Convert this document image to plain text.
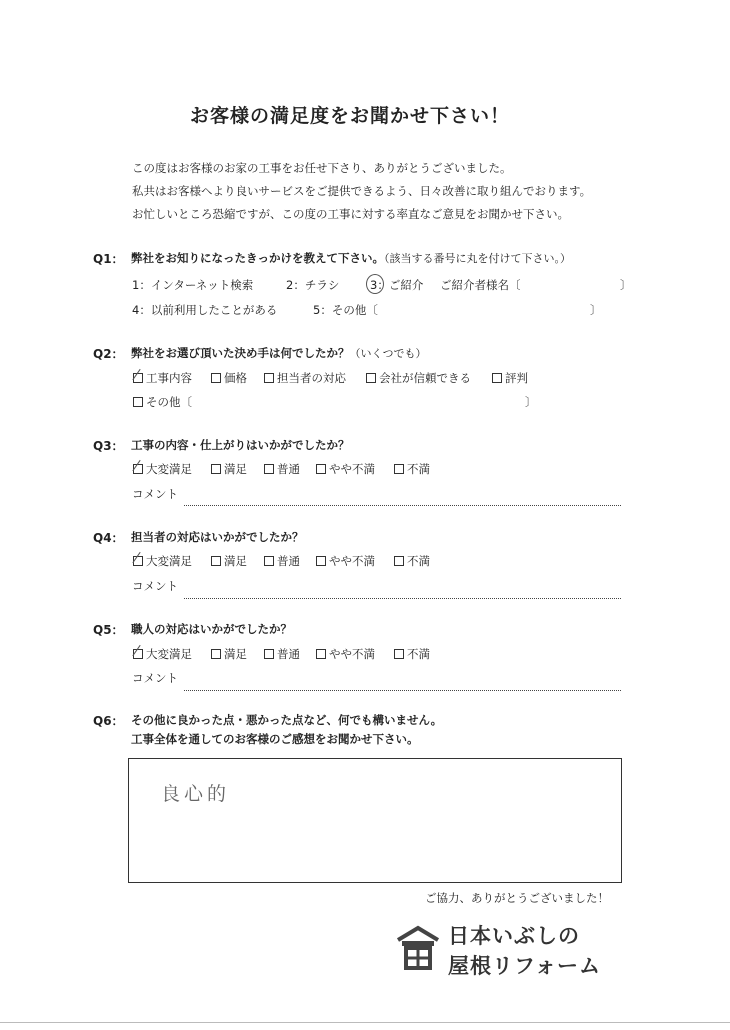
お客様の満足度をお聞かせ下さい！
この度はお客様のお家の工事をお任せ下さり、ありがとうございました。
私共はお客様へより良いサービスをご提供できるよう、日々改善に取り組んでおります。
お忙しいところ恐縮ですが、この度の工事に対する率直なご意見をお聞かせ下さい。
Q1： 弊社をお知りになったきっかけを教えて下さい。（該当する番号に丸を付けて下さい。）
1：インターネット検索	2：チラシ	3：ご紹介 ご紹介者様名〔	〕
4：以前利用したことがある	5：その他〔	〕
Q2： 弊社をお選び頂いた決め手は何でしたか？（いくつでも）
工事内容	価格	担当者の対応	会社が信頼できる	評判
その他〔	〕
Q3： 工事の内容・仕上がりはいかがでしたか？
大変満足	満足	普通	やや不満	不満
コメント
Q4： 担当者の対応はいかがでしたか？
大変満足	満足	普通	やや不満	不満
コメント
Q5： 職人の対応はいかがでしたか？
大変満足	満足	普通	やや不満	不満
コメント
Q6： その他に良かった点・悪かった点など、何でも構いません。
工事全体を通してのお客様のご感想をお聞かせ下さい。
良心的
ご協力、ありがとうございました！
日本いぶしの
屋根リフォーム
